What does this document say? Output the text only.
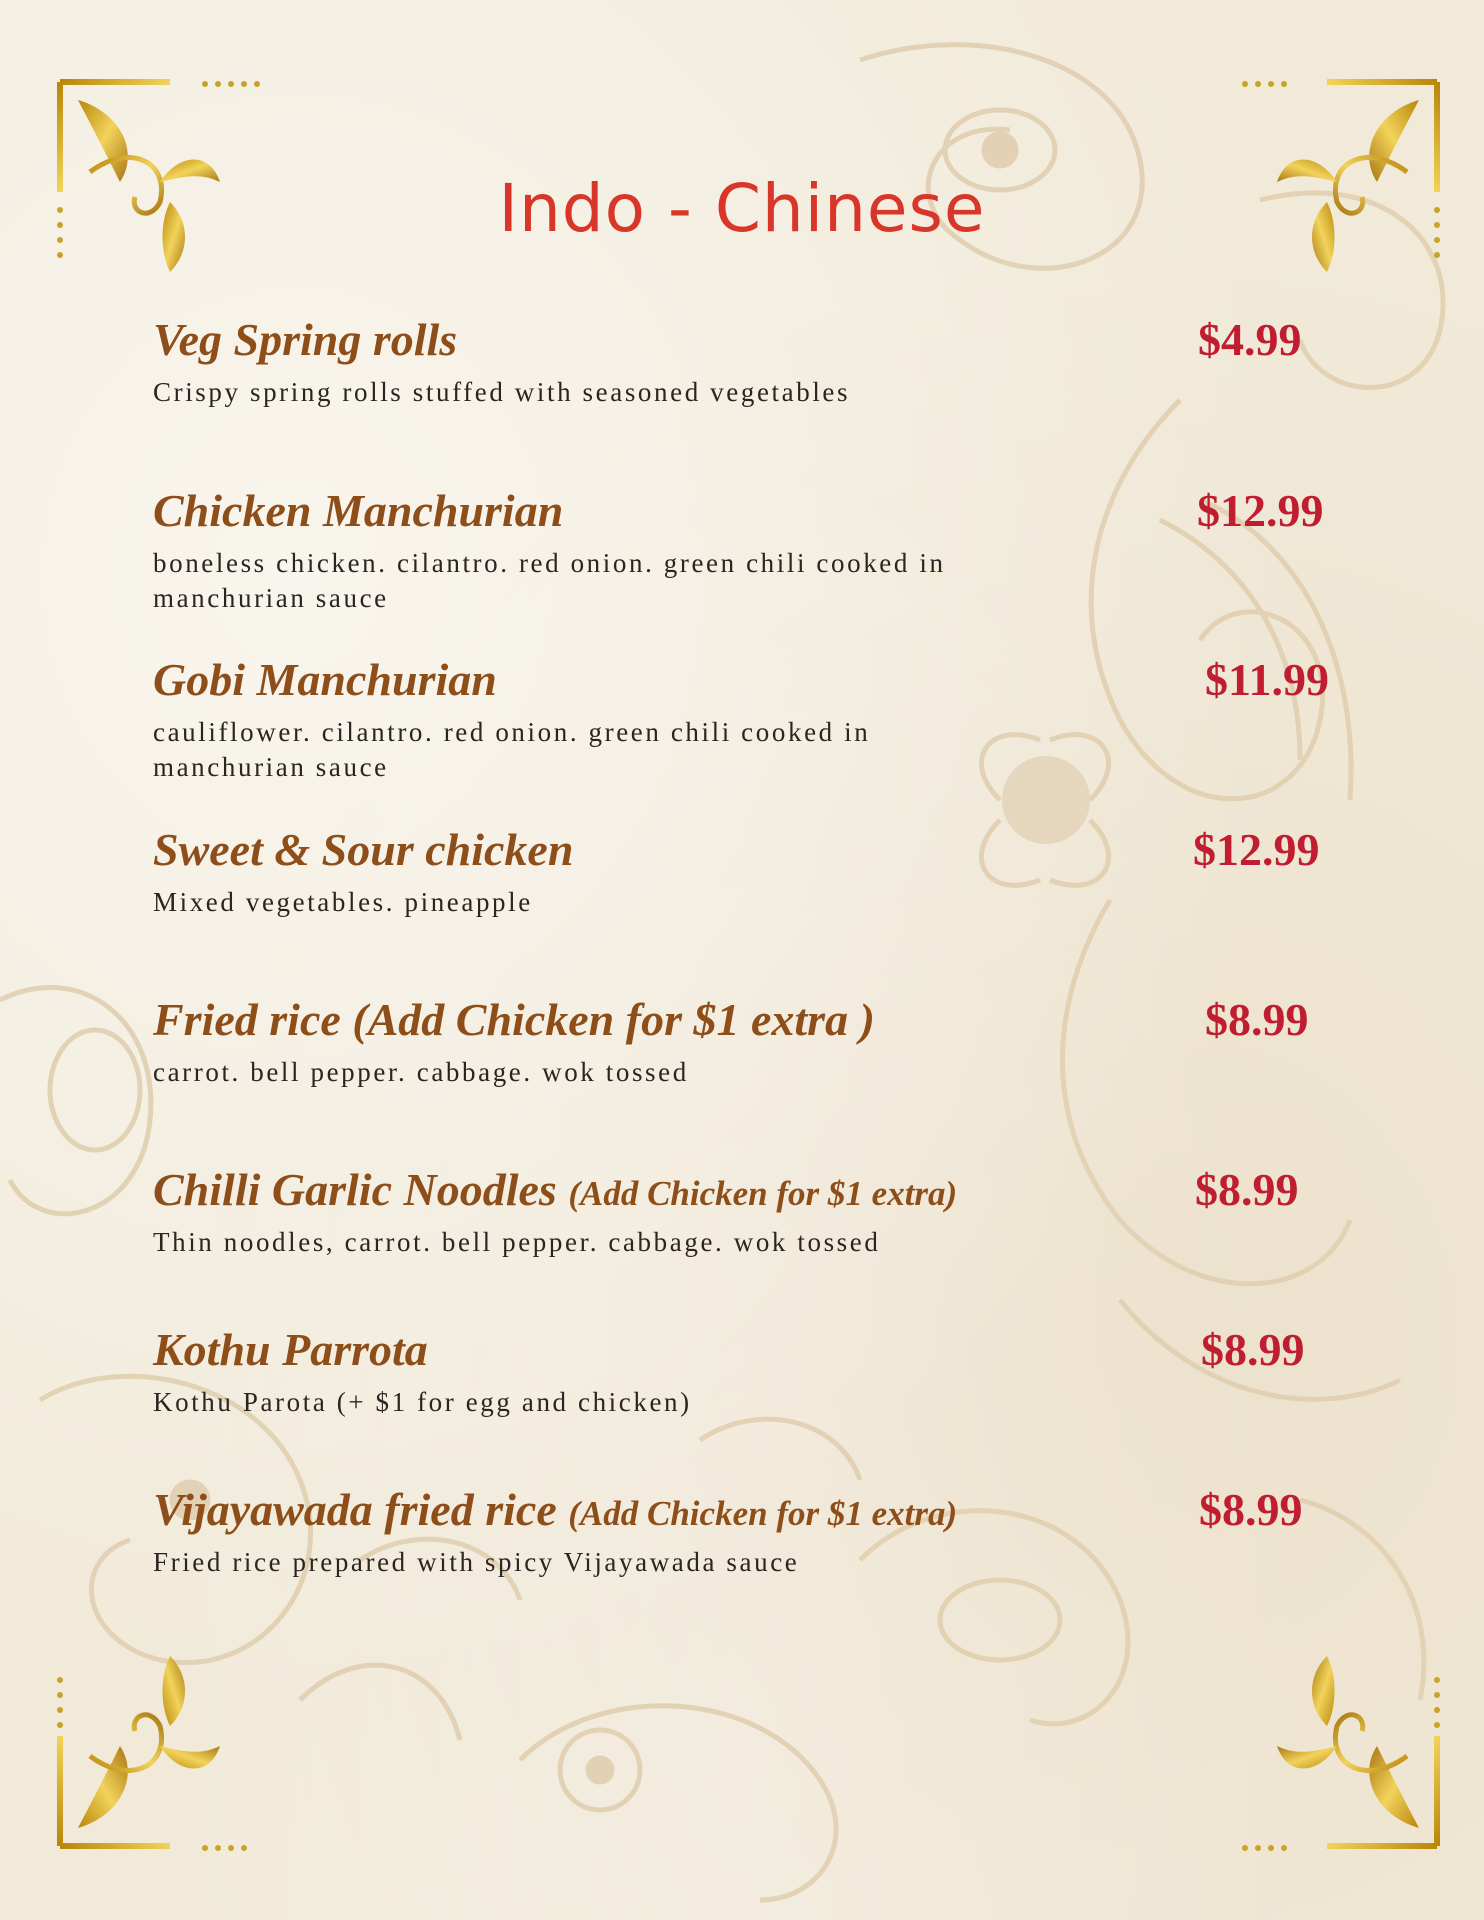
Indo - Chinese
Veg Spring rolls
Crispy spring rolls stuffed with seasoned vegetables
$4.99
Chicken Manchurian
boneless chicken. cilantro. red onion. green chili cooked in manchurian sauce
$12.99
Gobi Manchurian
cauliflower. cilantro. red onion. green chili cooked in manchurian sauce
$11.99
Sweet & Sour chicken
Mixed vegetables. pineapple
$12.99
Fried rice (Add Chicken for $1 extra )
carrot. bell pepper. cabbage. wok tossed
$8.99
Chilli Garlic Noodles (Add Chicken for $1 extra)
Thin noodles, carrot. bell pepper. cabbage. wok tossed
$8.99
Kothu Parrota
Kothu Parota (+ $1 for egg and chicken)
$8.99
Vijayawada fried rice (Add Chicken for $1 extra)
Fried rice prepared with spicy Vijayawada sauce
$8.99
